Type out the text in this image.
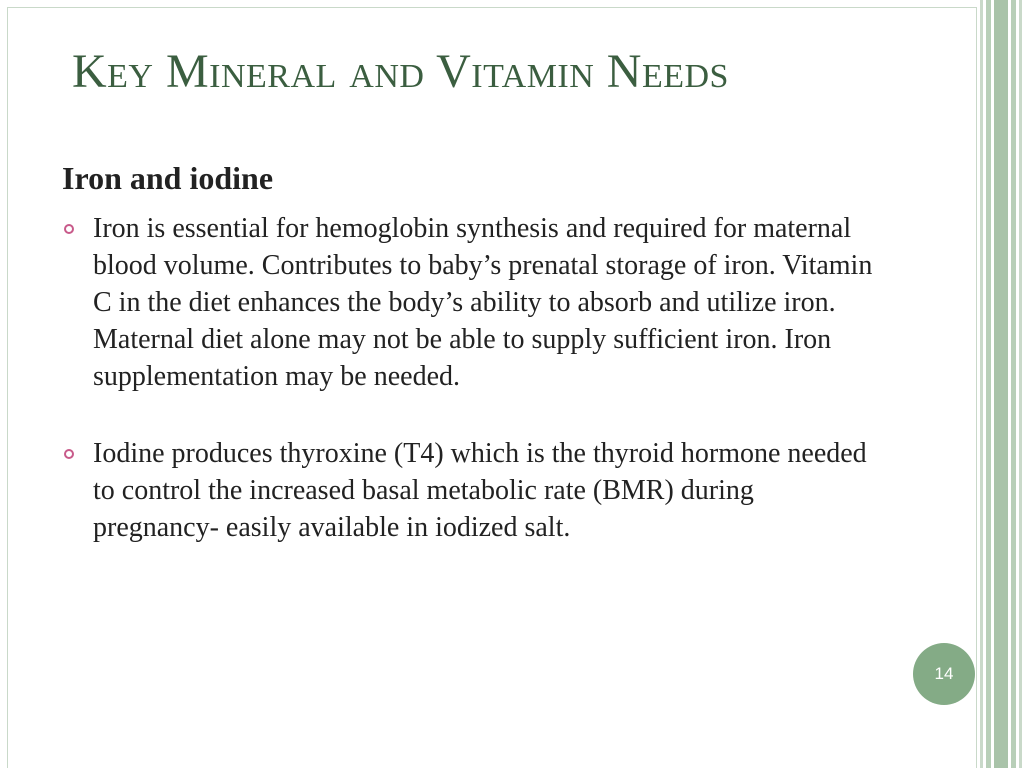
Key Mineral and Vitamin Needs
Iron and iodine
Iron is essential for hemoglobin synthesis and required for maternal blood volume. Contributes to baby’s prenatal storage of iron. Vitamin C in the diet enhances the body’s ability to absorb and utilize iron. Maternal diet alone may not be able to supply sufficient iron. Iron supplementation may be needed.
Iodine produces thyroxine (T4) which is the thyroid hormone needed to control the increased basal metabolic rate (BMR) during pregnancy- easily available in iodized salt.
14
